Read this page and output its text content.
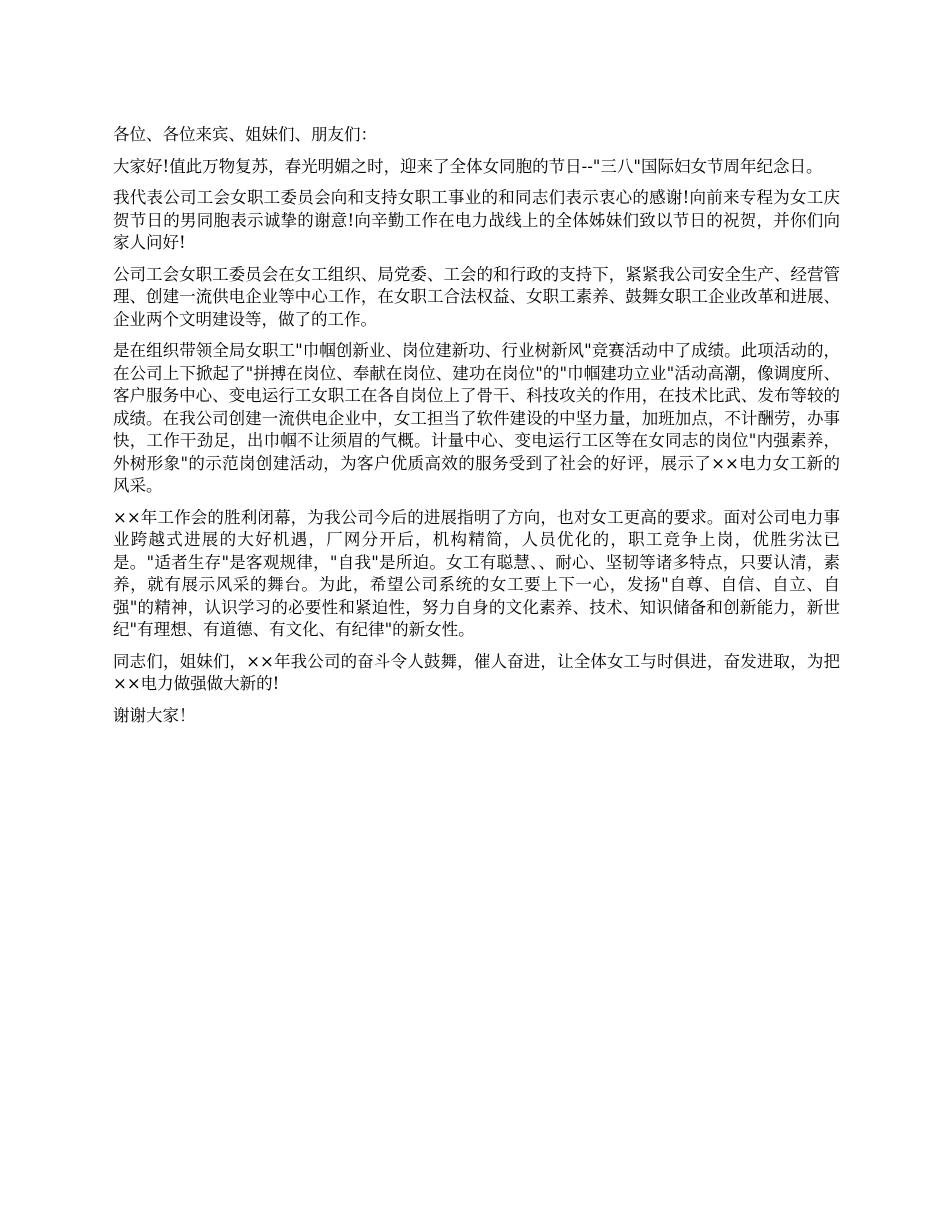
各位、各位来宾、姐妹们、朋友们：

大家好!值此万物复苏，春光明媚之时，迎来了全体女同胞的节日--"三八"国际妇女节周年纪念日。

我代表公司工会女职工委员会向和支持女职工事业的和同志们表示衷心的感谢!向前来专程为女工庆贺节日的男同胞表示诚挚的谢意!向辛勤工作在电力战线上的全体姊妹们致以节日的祝贺，并你们向家人问好!

公司工会女职工委员会在女工组织、局党委、工会的和行政的支持下，紧紧我公司安全生产、经营管理、创建一流供电企业等中心工作，在女职工合法权益、女职工素养、鼓舞女职工企业改革和进展、企业两个文明建设等，做了的工作。

是在组织带领全局女职工"巾帼创新业、岗位建新功、行业树新风"竞赛活动中了成绩。此项活动的，在公司上下掀起了"拼搏在岗位、奉献在岗位、建功在岗位"的"巾帼建功立业"活动高潮，像调度所、客户服务中心、变电运行工女职工在各自岗位上了骨干、科技攻关的作用，在技术比武、发布等较的成绩。在我公司创建一流供电企业中，女工担当了软件建设的中坚力量，加班加点，不计酬劳，办事快，工作干劲足，出巾帼不让须眉的气概。计量中心、变电运行工区等在女同志的岗位"内强素养，外树形象"的示范岗创建活动，为客户优质高效的服务受到了社会的好评，展示了××电力女工新的风采。

××年工作会的胜利闭幕，为我公司今后的进展指明了方向，也对女工更高的要求。面对公司电力事业跨越式进展的大好机遇，厂网分开后，机构精简，人员优化的，职工竞争上岗，优胜劣汰已是。"适者生存"是客观规律，"自我"是所迫。女工有聪慧、、耐心、坚韧等诸多特点，只要认清，素养，就有展示风采的舞台。为此，希望公司系统的女工要上下一心，发扬"自尊、自信、自立、自强"的精神，认识学习的必要性和紧迫性，努力自身的文化素养、技术、知识储备和创新能力，新世纪"有理想、有道德、有文化、有纪律"的新女性。

同志们，姐妹们，××年我公司的奋斗令人鼓舞，催人奋进，让全体女工与时俱进，奋发进取，为把××电力做强做大新的!

谢谢大家！
